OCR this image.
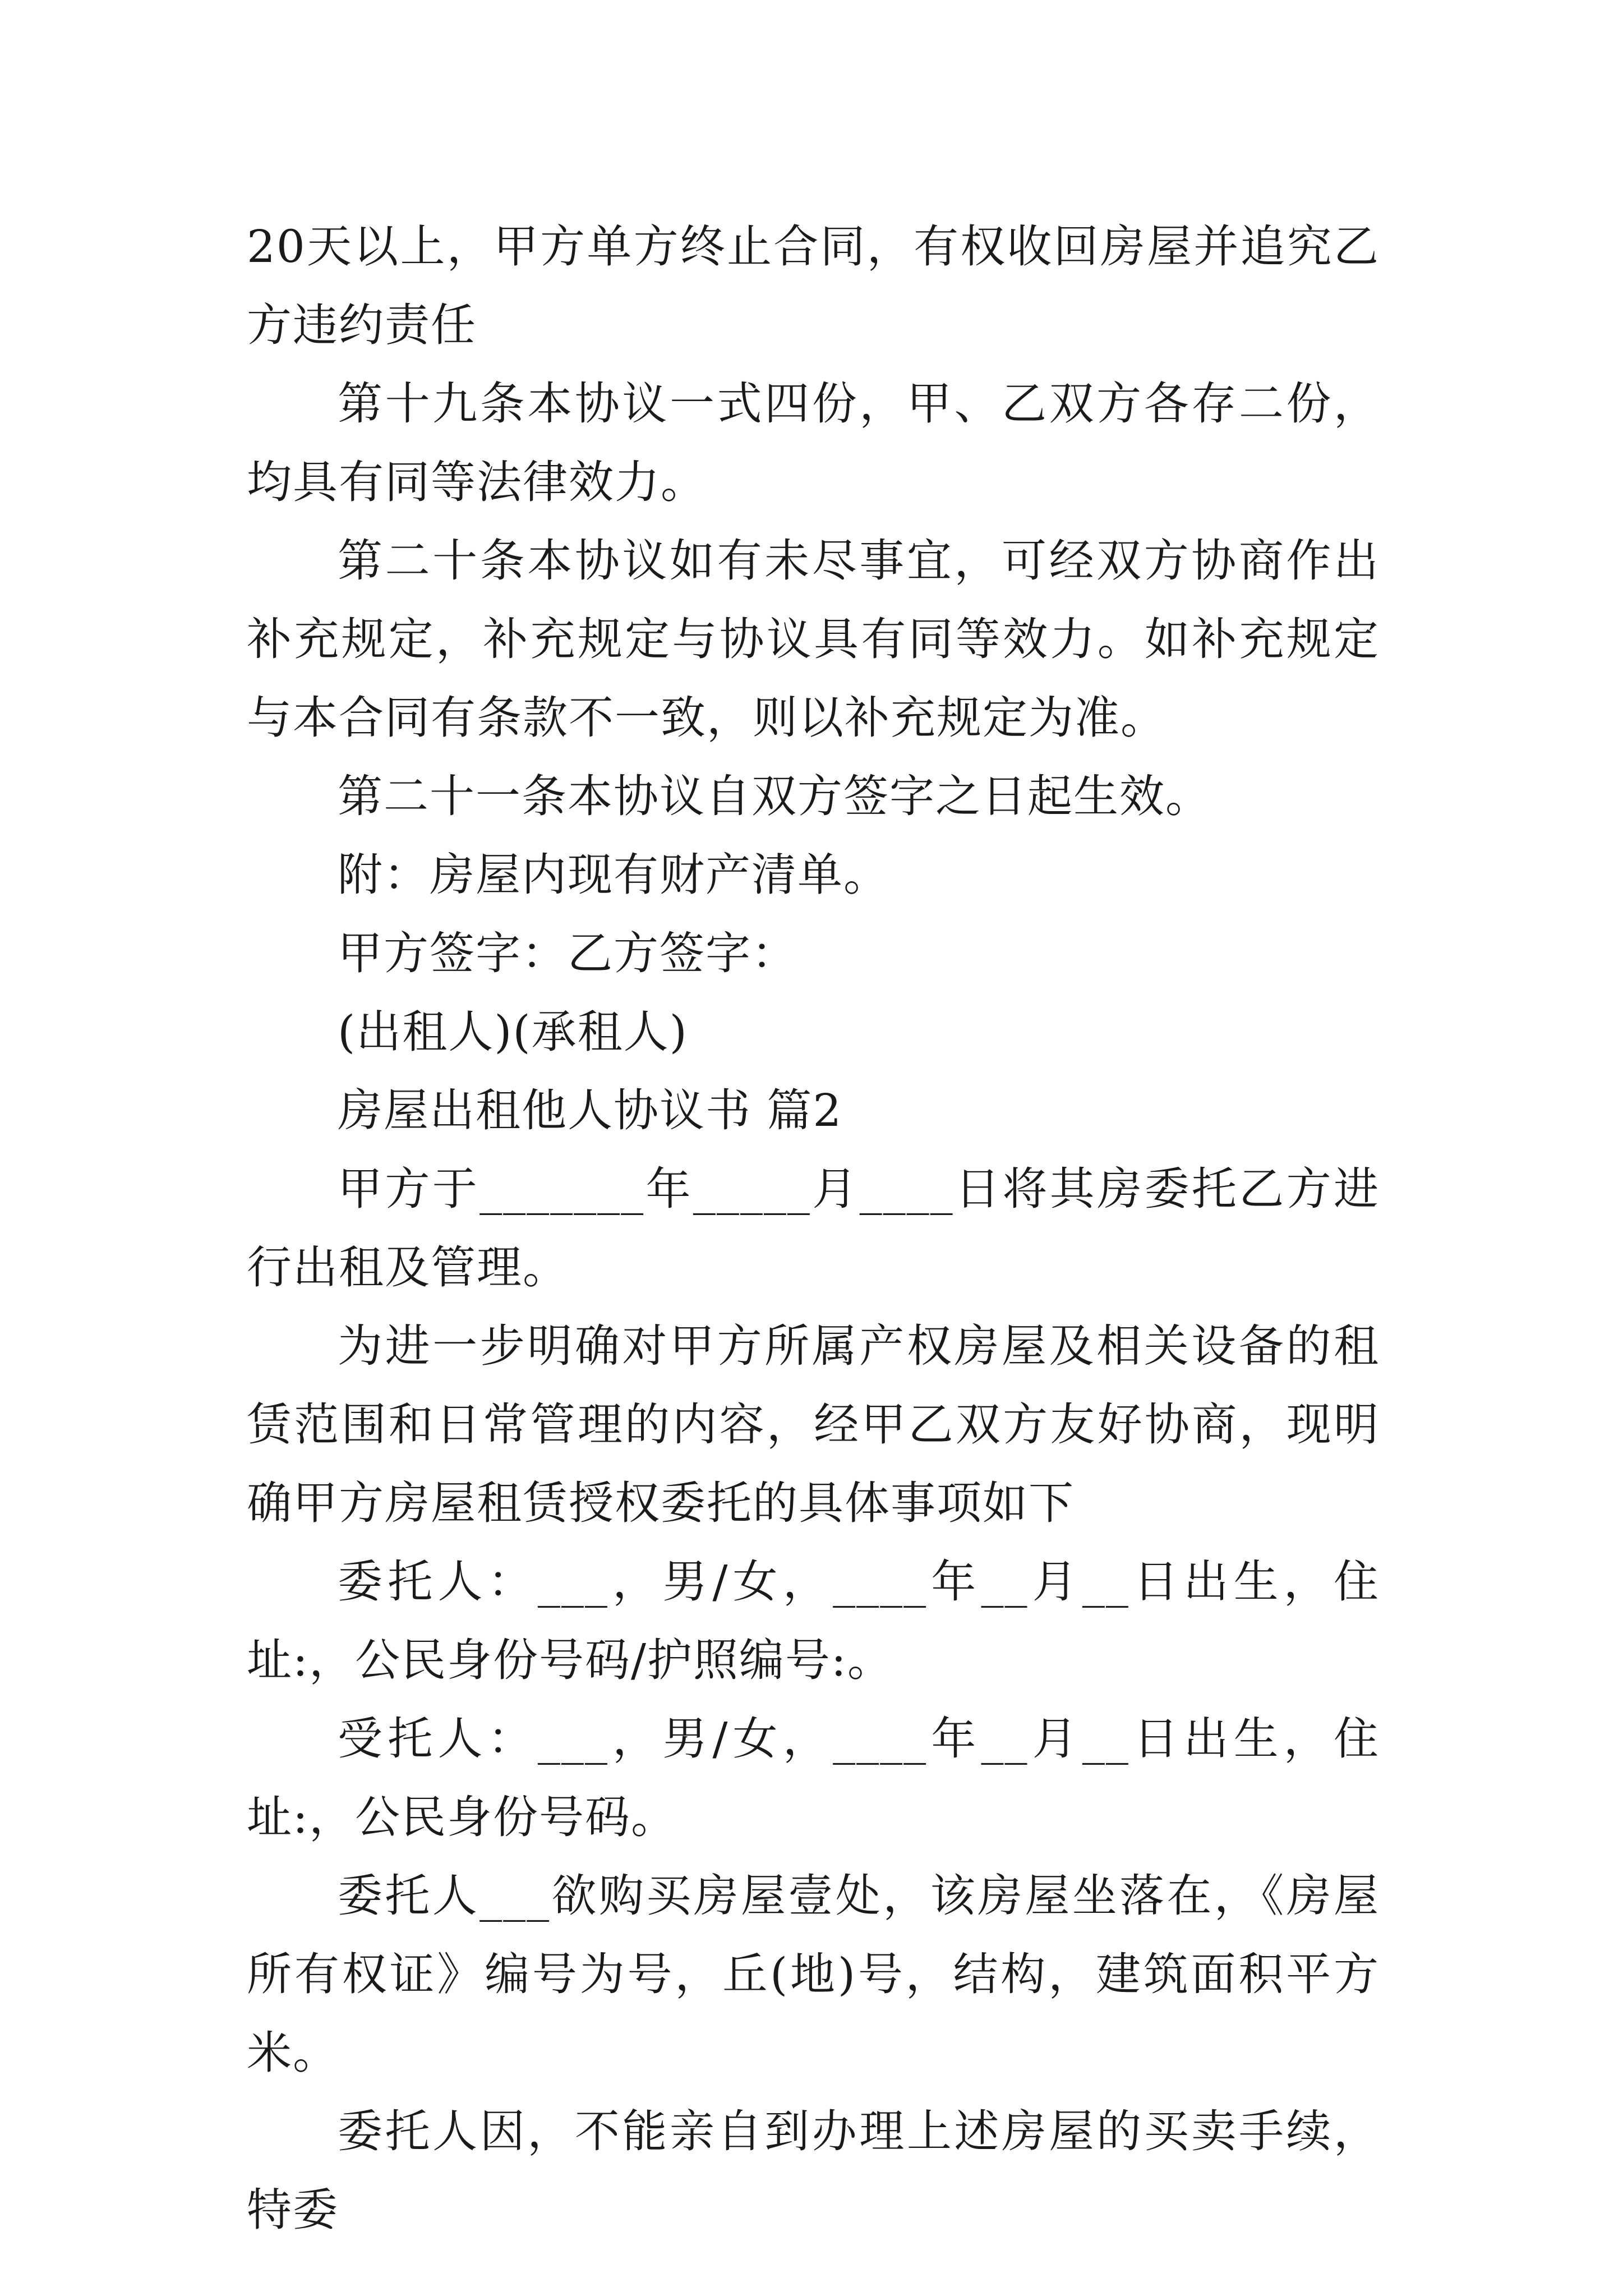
20天以上，甲方单方终止合同，有权收回房屋并追究乙方违约责任

第十九条本协议一式四份，甲、乙双方各存二份，均具有同等法律效力。

第二十条本协议如有未尽事宜，可经双方协商作出补充规定，补充规定与协议具有同等效力。如补充规定与本合同有条款不一致，则以补充规定为准。

第二十一条本协议自双方签字之日起生效。

附：房屋内现有财产清单。

甲方签字：乙方签字：

(出租人)(承租人)

房屋出租他人协议书 篇2

甲方于_______年_____月____日将其房委托乙方进行出租及管理。

为进一步明确对甲方所属产权房屋及相关设备的租赁范围和日常管理的内容，经甲乙双方友好协商，现明确甲方房屋租赁授权委托的具体事项如下

委托人：___，男/女，____年__月__日出生，住址:，公民身份号码/护照编号:。

受托人：___，男/女，____年__月__日出生，住址:，公民身份号码。

委托人___欲购买房屋壹处，该房屋坐落在，《房屋所有权证》编号为号，丘(地)号，结构，建筑面积平方米。

委托人因，不能亲自到办理上述房屋的买卖手续，特委
